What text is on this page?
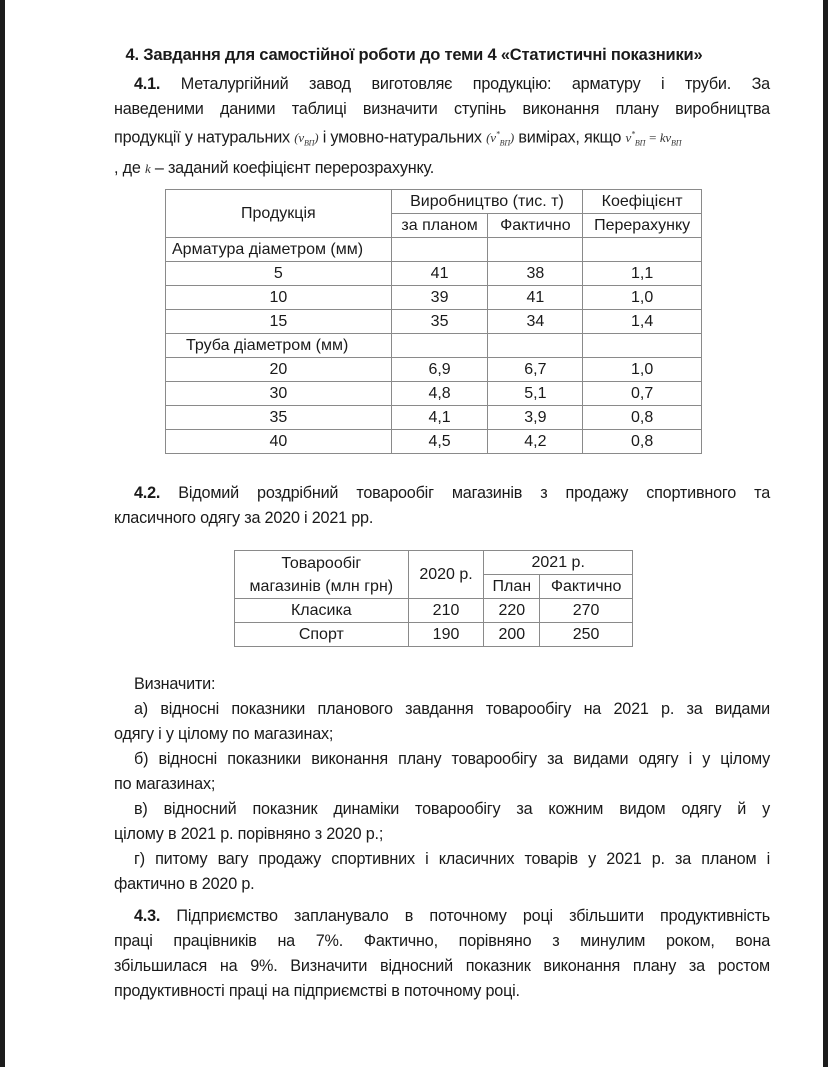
4. Завдання для самостійної роботи до теми 4 «Статистичні показники»
4.1. Металургійний завод виготовляє продукцію: арматуру і труби. За
наведеними даними таблиці визначити ступінь виконання плану виробництва
продукції у натуральних $(v_{ВП})$ і умовно-натуральних $(v^*_{ВП})$ вимірах, якщо $v^*_{ВП} = kv_{ВП}$
, де k – заданий коефіцієнт перерозрахунку.
Продукція	Виробництво (тис. т)		Коефіцієнт
	за планом	Фактично	Перерахунку
Арматура діаметром (мм)			
5	41	38	1,1
10	39	41	1,0
15	35	34	1,4
Труба діаметром (мм)			
20	6,9	6,7	1,0
30	4,8	5,1	0,7
35	4,1	3,9	0,8
40	4,5	4,2	0,8
4.2. Відомий роздрібний товарообіг магазинів з продажу спортивного та
класичного одягу за 2020 і 2021 рр.
Товарообіг
магазинів (млн грн)	2020 р.	2021 р.	
		План	Фактично
Класика	210	220	270
Спорт	190	200	250
Визначити:
а) відносні показники планового завдання товарообігу на 2021 р. за видами
одягу і у цілому по магазинах;
б) відносні показники виконання плану товарообігу за видами одягу і у цілому
по магазинах;
в) відносний показник динаміки товарообігу за кожним видом одягу й у
цілому в 2021 р. порівняно з 2020 р.;
г) питому вагу продажу спортивних і класичних товарів у 2021 р. за планом і
фактично в 2020 р.
4.3. Підприємство запланувало в поточному році збільшити продуктивність
праці працівників на 7%. Фактично, порівняно з минулим роком, вона
збільшилася на 9%. Визначити відносний показник виконання плану за ростом
продуктивності праці на підприємстві в поточному році.
